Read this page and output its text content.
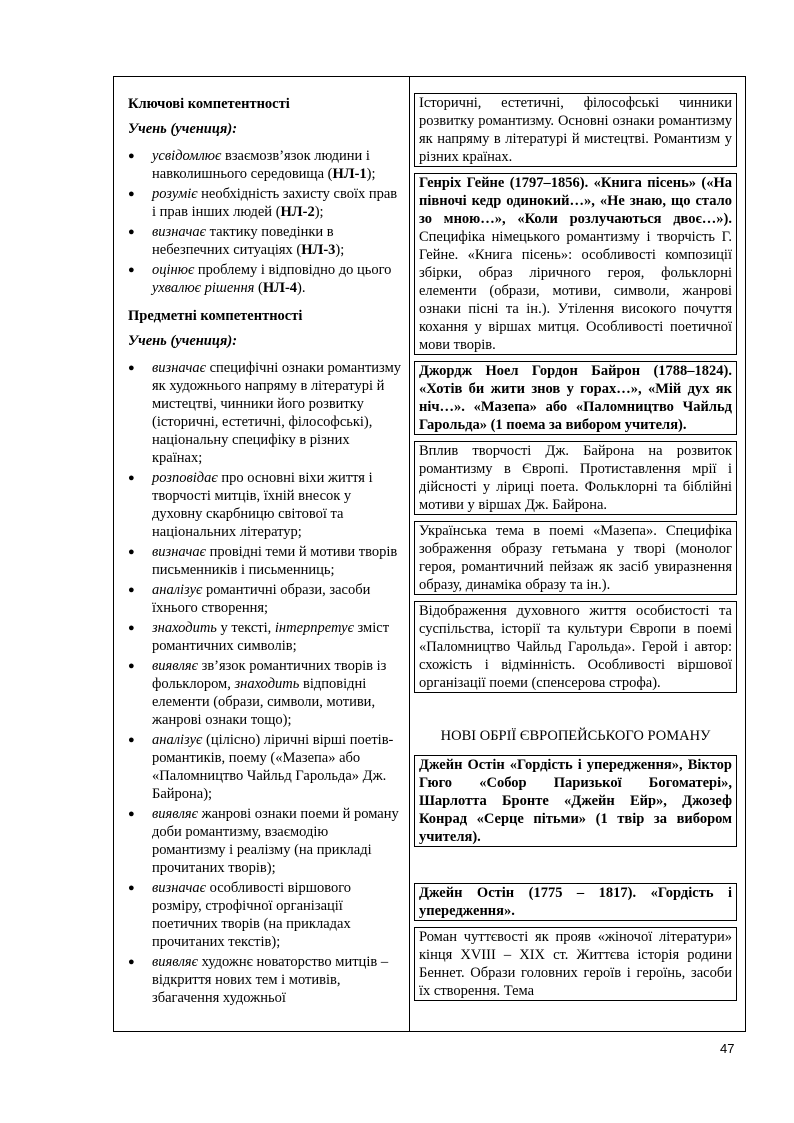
Ключові компетентності

Учень (учениця):

● усвідомлює взаємозв’язок людини і навколишнього середовища (НЛ-1);
● розуміє необхідність захисту своїх прав і прав інших людей (НЛ-2);
● визначає тактику поведінки в небезпечних ситуаціях (НЛ-3);
● оцінює проблему і відповідно до цього ухвалює рішення (НЛ-4).

Предметні компетентності

Учень (учениця):

● визначає специфічні ознаки романтизму як художнього напряму в літературі й мистецтві, чинники його розвитку (історичні, естетичні, філософські), національну специфіку в різних країнах;
● розповідає про основні віхи життя і творчості митців, їхній внесок у духовну скарбницю світової та національних літератур;
● визначає провідні теми й мотиви творів письменників і письменниць;
● аналізує романтичні образи, засоби їхнього створення;
● знаходить у тексті, інтерпретує зміст романтичних символів;
● виявляє зв’язок романтичних творів із фольклором, знаходить відповідні елементи (образи, символи, мотиви, жанрові ознаки тощо);
● аналізує (цілісно) ліричні вірші поетів-романтиків, поему («Мазепа» або «Паломництво Чайльд Гарольда» Дж. Байрона);
● виявляє жанрові ознаки поеми й роману доби романтизму, взаємодію романтизму і реалізму (на прикладі прочитаних творів);
● визначає особливості віршового розміру, строфічної організації поетичних творів (на прикладах прочитаних текстів);
● виявляє художнє новаторство митців – відкриття нових тем і мотивів, збагачення художньої
Історичні, естетичні, філософські чинники розвитку романтизму. Основні ознаки романтизму як напряму в літературі й мистецтві. Романтизм у різних країнах.
Генріх Гейне (1797–1856). «Книга пісень» («На півночі кедр одинокий…», «Не знаю, що стало зо мною…», «Коли розлучаються двоє…»). Специфіка німецького романтизму і творчість Г. Гейне. «Книга пісень»: особливості композиції збірки, образ ліричного героя, фольклорні елементи (образи, мотиви, символи, жанрові ознаки пісні та ін.). Утілення високого почуття кохання у віршах митця. Особливості поетичної мови творів.
Джордж Ноел Гордон Байрон (1788–1824). «Хотів би жити знов у горах…», «Мій дух як ніч…». «Мазепа» або «Паломництво Чайльд Гарольда» (1 поема за вибором учителя).
Вплив творчості Дж. Байрона на розвиток романтизму в Європі. Протиставлення мрії і дійсності у ліриці поета. Фольклорні та біблійні мотиви у віршах Дж. Байрона.
Українська тема в поемі «Мазепа». Специфіка зображення образу гетьмана у творі (монолог героя, романтичний пейзаж як засіб увиразнення образу, динаміка образу та ін.).
Відображення духовного життя особистості та суспільства, історії та культури Європи в поемі «Паломництво Чайльд Гарольда». Герой і автор: схожість і відмінність. Особливості віршової організації поеми (спенсерова строфа).
НОВІ ОБРІЇ ЄВРОПЕЙСЬКОГО РОМАНУ
Джейн Остін «Гордість і упередження», Віктор Гюго «Собор Паризької Богоматері», Шарлотта Бронте «Джейн Ейр», Джозеф Конрад «Серце пітьми» (1 твір за вибором учителя).
Джейн Остін (1775 – 1817). «Гордість і упередження».
Роман чуттєвості як прояв «жіночої літератури» кінця XVIII – XIX ст. Життєва історія родини Беннет. Образи головних героїв і героїнь, засоби їх створення. Тема
47
